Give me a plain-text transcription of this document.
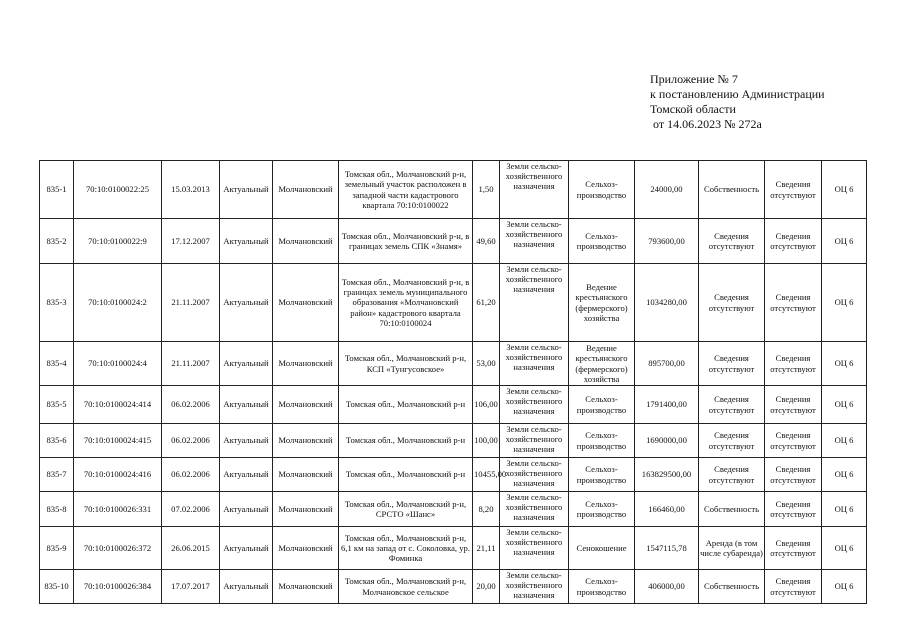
Приложение № 7
к постановлению Администрации
Томской области
от 14.06.2023 № 272а
835-1	70:10:0100022:25	15.03.2013	Актуальный	Молчановский	Томская обл., Молчановский р-н, земельный участок расположен в западной части кадастрового квартала 70:10:0100022	1,50	Земли сельско-хозяйственного назначения	Сельхоз-производство	24000,00	Собственность	Сведения отсутствуют	ОЦ 6
835-2	70:10:0100022:9	17.12.2007	Актуальный	Молчановский	Томская обл., Молчановский р-н, в границах земель СПК «Знамя»	49,60	Земли сельско-хозяйственного назначения	Сельхоз-производство	793600,00	Сведения отсутствуют	Сведения отсутствуют	ОЦ 6
835-3	70:10:0100024:2	21.11.2007	Актуальный	Молчановский	Томская обл., Молчановский р-н, в границах земель муниципального образования «Молчановский район» кадастрового квартала 70:10:0100024	61,20	Земли сельско-хозяйственного назначения	Ведение крестьянского (фермерского) хозяйства	1034280,00	Сведения отсутствуют	Сведения отсутствуют	ОЦ 6
835-4	70:10:0100024:4	21.11.2007	Актуальный	Молчановский	Томская обл., Молчановский р-н, КСП «Тунгусовское»	53,00	Земли сельско-хозяйственного назначения	Ведение крестьянского (фермерского) хозяйства	895700,00	Сведения отсутствуют	Сведения отсутствуют	ОЦ 6
835-5	70:10:0100024:414	06.02.2006	Актуальный	Молчановский	Томская обл., Молчановский р-н	106,00	Земли сельско-хозяйственного назначения	Сельхоз-производство	1791400,00	Сведения отсутствуют	Сведения отсутствуют	ОЦ 6
835-6	70:10:0100024:415	06.02.2006	Актуальный	Молчановский	Томская обл., Молчановский р-н	100,00	Земли сельско-хозяйственного назначения	Сельхоз-производство	1690000,00	Сведения отсутствуют	Сведения отсутствуют	ОЦ 6
835-7	70:10:0100024:416	06.02.2006	Актуальный	Молчановский	Томская обл., Молчановский р-н	10455,00	Земли сельско-хозяйственного назначения	Сельхоз-производство	163829500,00	Сведения отсутствуют	Сведения отсутствуют	ОЦ 6
835-8	70:10:0100026:331	07.02.2006	Актуальный	Молчановский	Томская обл., Молчановский р-н, СРСТО «Шанс»	8,20	Земли сельско-хозяйственного назначения	Сельхоз-производство	166460,00	Собственность	Сведения отсутствуют	ОЦ 6
835-9	70:10:0100026:372	26.06.2015	Актуальный	Молчановский	Томская обл., Молчановский р-н, 6,1 км на запад от с. Соколовка, ур. Фоминка	21,11	Земли сельско-хозяйственного назначения	Сенокошение	1547115,78	Аренда (в том числе субаренда)	Сведения отсутствуют	ОЦ 6
835-10	70:10:0100026:384	17.07.2017	Актуальный	Молчановский	Томская обл., Молчановский р-н, Молчановское сельское	20,00	Земли сельско-хозяйственного назначения	Сельхоз-производство	406000,00	Собственность	Сведения отсутствуют	ОЦ 6
